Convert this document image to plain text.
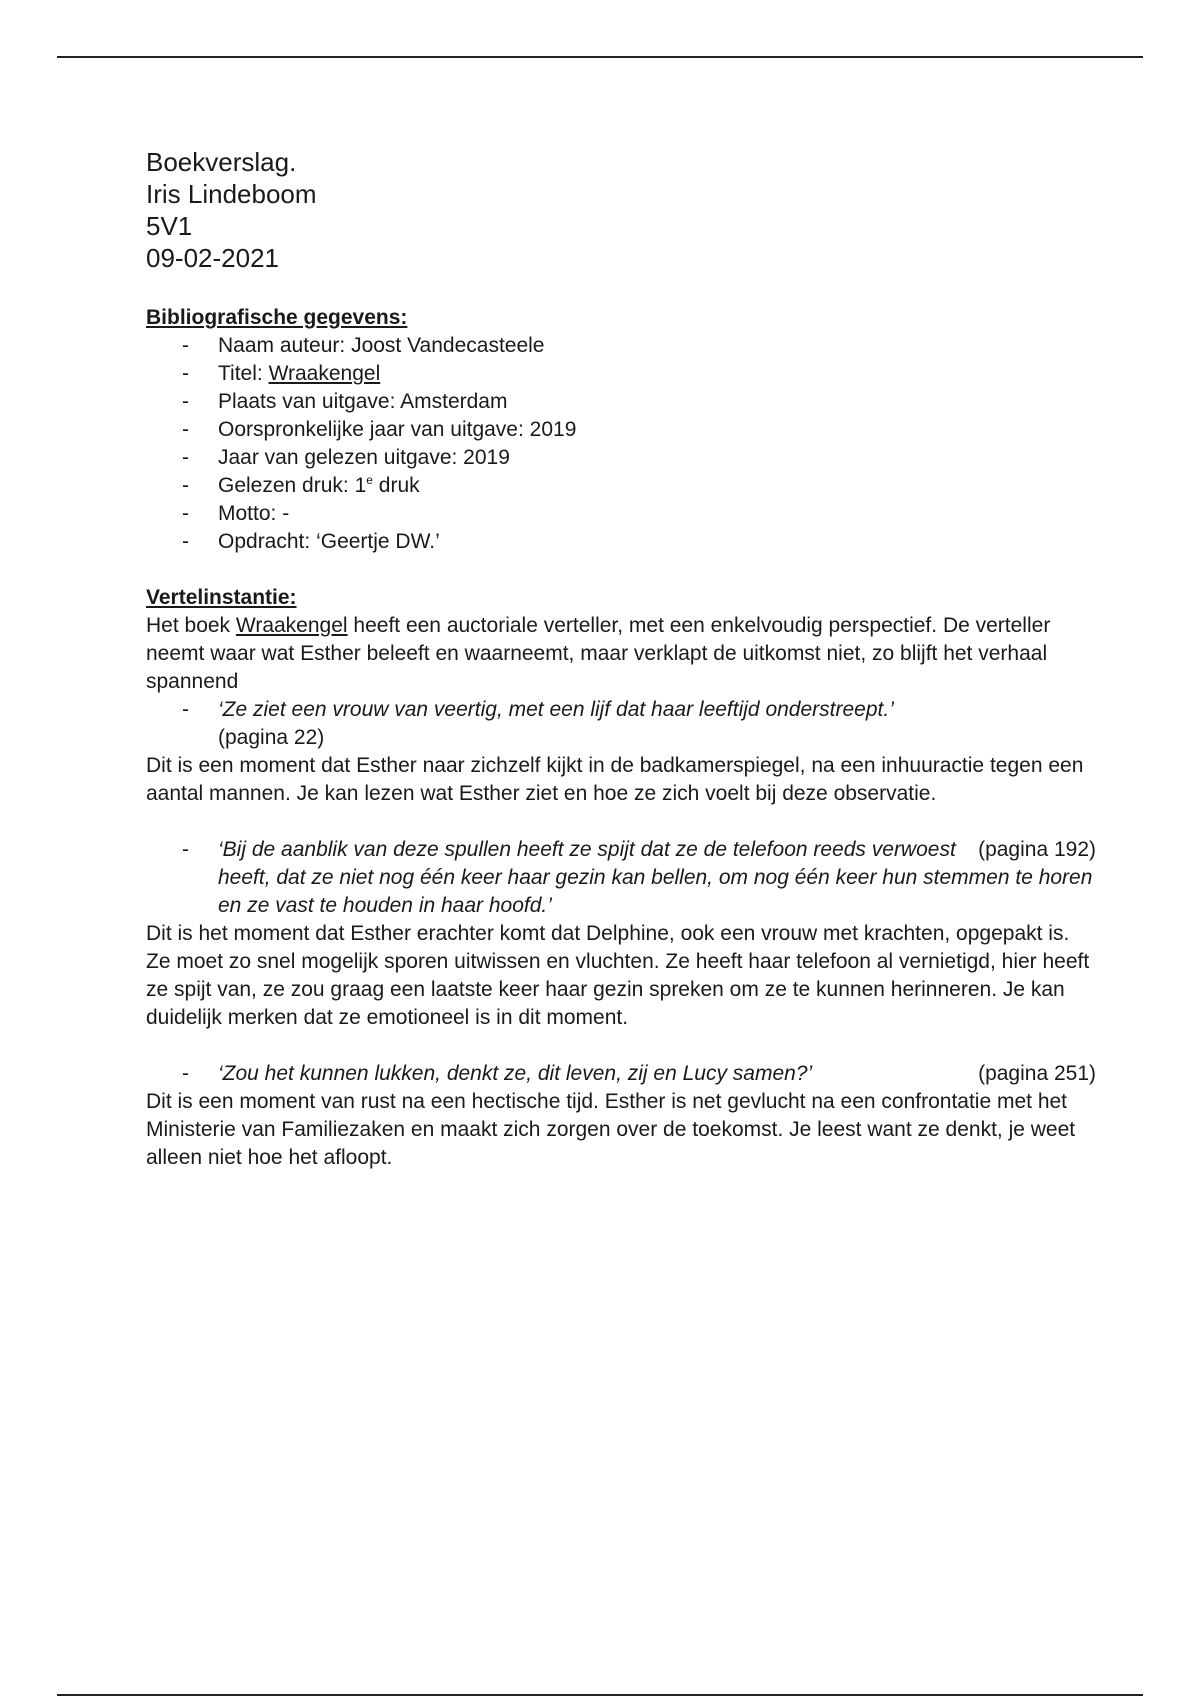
Boekverslag.
Iris Lindeboom
5V1
09-02-2021
Bibliografische gegevens:
- Naam auteur: Joost Vandecasteele
- Titel: Wraakengel
- Plaats van uitgave: Amsterdam
- Oorspronkelijke jaar van uitgave: 2019
- Jaar van gelezen uitgave: 2019
- Gelezen druk: 1e druk
- Motto: -
- Opdracht: ‘Geertje DW.’
Vertelinstantie:

Het boek Wraakengel heeft een auctoriale verteller, met een enkelvoudig perspectief. De verteller neemt waar wat Esther beleeft en waarneemt, maar verklapt de uitkomst niet, zo blijft het verhaal spannend

- ‘Ze ziet een vrouw van veertig, met een lijf dat haar leeftijd onderstreept.’
(pagina 22)

Dit is een moment dat Esther naar zichzelf kijkt in de badkamerspiegel, na een inhuuractie tegen een aantal mannen. Je kan lezen wat Esther ziet en hoe ze zich voelt bij deze observatie.

-	(pagina 192)
‘Bij de aanblik van deze spullen heeft ze spijt dat ze de telefoon reeds verwoest heeft, dat ze niet nog één keer haar gezin kan bellen, om nog één keer hun stemmen te horen en ze vast te houden in haar hoofd.’

Dit is het moment dat Esther erachter komt dat Delphine, ook een vrouw met krachten, opgepakt is. Ze moet zo snel mogelijk sporen uitwissen en vluchten. Ze heeft haar telefoon al vernietigd, hier heeft ze spijt van, ze zou graag een laatste keer haar gezin spreken om ze te kunnen herinneren. Je kan duidelijk merken dat ze emotioneel is in dit moment.

-	(pagina 251)
‘Zou het kunnen lukken, denkt ze, dit leven, zij en Lucy samen?’

Dit is een moment van rust na een hectische tijd. Esther is net gevlucht na een confrontatie met het Ministerie van Familiezaken en maakt zich zorgen over de toekomst. Je leest want ze denkt, je weet alleen niet hoe het afloopt.
